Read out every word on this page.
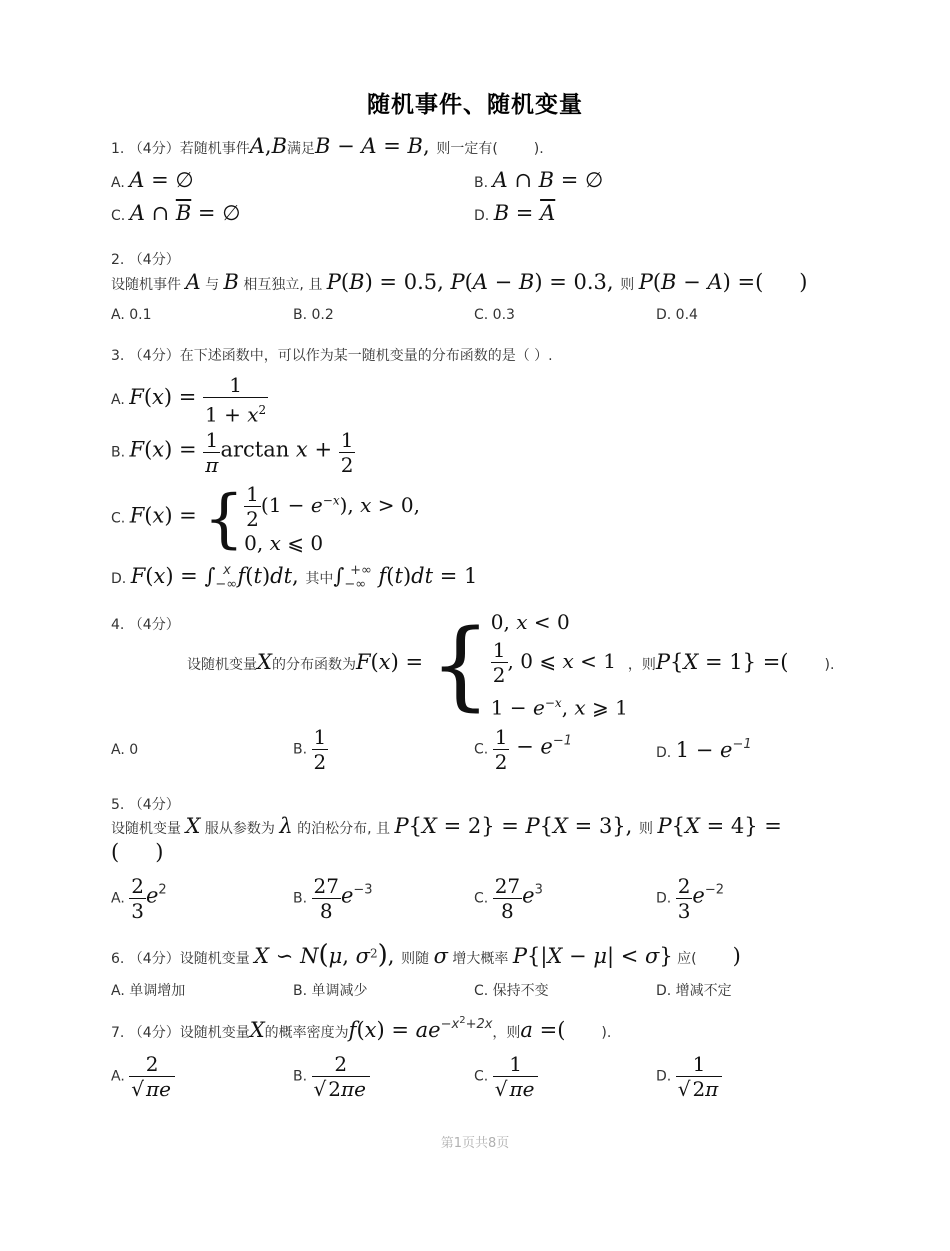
随机事件、随机变量
1. （4分）若随机事件A,B满足B − A = B, 则一定有(	).
A. A = ∅	B. A ∩ B = ∅
C. A ∩ $\overline{B}$ = ∅	D. $B = \overline{A}$
2. （4分）
设随机事件 A 与 B 相互独立, 且 P(B) = 0.5, P(A − B) = 0.3, 则 P(B − A) =( )
A. 0.1	B. 0.2	C. 0.3	D. 0.4
3. （4分）在下述函数中，可以作为某一随机变量的分布函数的是（ ）.
A. $F(x) = \frac{1}{1 + x^2}$
B. $F(x) = \frac{1}{\pi}$ $\arctan x + \frac{1}{2}$
C. F(x) = { $\frac{1}{2} (1 - e^{-x})$, x > 0,
0, x ⩽ 0
D. $F(x) = \int_{-\infty}^x$ f(t)dt, 其中$\int_{-\infty}^{+\infty}$ f(t)dt = 1
4. （4分）
设随机变量X的分布函数为F(x) = { 0, x < 0
$\frac{1}{2}$ , 0 ⩽ x < 1
$1 - e^{-x}$, x ⩾ 1
，则P{X = 1} =(	).
A. 0	B. $\frac{1}{2}$	C. $\frac{1}{2} - e^{-1}$
D. $1 - e^{-1}$
5. （4分）
设随机变量 X 服从参数为 λ 的泊松分布, 且 P{X = 2} = P{X = 3}, 则 P{X = 4} =
( )
A. $\frac{2}{3} e^2$
B. $\frac{27}{8} e^{-3}$
C. $\frac{27}{8} e^3$
D. $\frac{2}{3} e^{-2}$
6. （4分）设随机变量 X ∽ N(μ, $\sigma^2$), 则随 σ 增大概率 P{|X − μ| < σ} 应( )
A. 单调增加	B. 单调减少	C. 保持不变	D. 增减不定
7. （4分）设随机变量X的概率密度为$f(x) = ae^{-x^2+2x}$，则a =(	).
A. $\frac{2}{√ \pi e}$	B. $\frac{2}{√ 2\pi e}$	C. $\frac{1}{√ \pi e}$	D. $\frac{1}{√ 2\pi}$
第1页共8页
